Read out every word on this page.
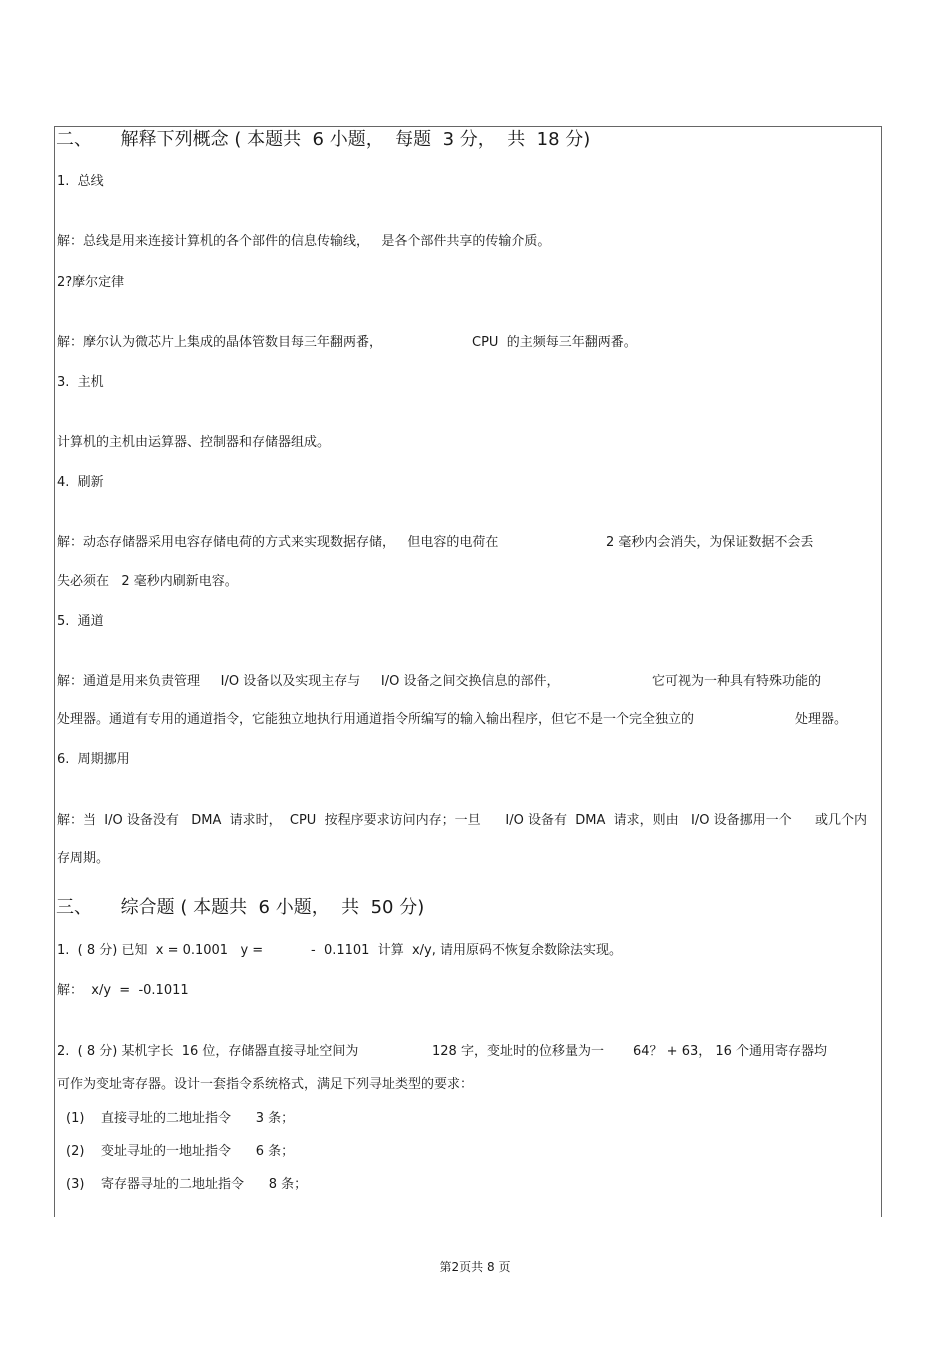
二、     解释下列概念 ( 本题共  6 小题，  每题  3 分，  共  18 分)
1.  总线
解：总线是用来连接计算机的各个部件的信息传输线，   是各个部件共享的传输介质。
2?摩尔定律
解：摩尔认为微芯片上集成的晶体管数目每三年翻两番，	CPU  的主频每三年翻两番。
3.  主机
计算机的主机由运算器、控制器和存储器组成。
4.  刷新
解：动态存储器采用电容存储电荷的方式来实现数据存储，   但电容的电荷在	2 毫秒内会消失，为保证数据不会丢
失必须在   2 毫秒内刷新电容。
5.  通道
解：通道是用来负责管理     I/O 设备以及实现主存与     I/O 设备之间交换信息的部件，	它可视为一种具有特殊功能的
处理器。通道有专用的通道指令，它能独立地执行用通道指令所编写的输入输出程序，但它不是一个完全独立的	处理器。
6.  周期挪用
解：当  I/O 设备没有   DMA  请求时，  CPU  按程序要求访问内存；一旦      I/O 设备有  DMA  请求，则由   I/O 设备挪用一个 或几个内
存周期。
三、     综合题 ( 本题共  6 小题，  共  50 分)
1.  ( 8 分) 已知  x = 0.1001   y =	-  0.1101  计算  x/y, 请用原码不恢复余数除法实现。
解：  x/y  =  -0.1011
2.  ( 8 分) 某机字长  16 位，存储器直接寻址空间为	128 字，变址时的位移量为一 64？ + 63， 16 个通用寄存器均
可作为变址寄存器。设计一套指令系统格式，满足下列寻址类型的要求：
(1)    直接寻址的二地址指令      3 条；
(2)    变址寻址的一地址指令      6 条；
(3)    寄存器寻址的二地址指令      8 条；
第2页共 8 页
